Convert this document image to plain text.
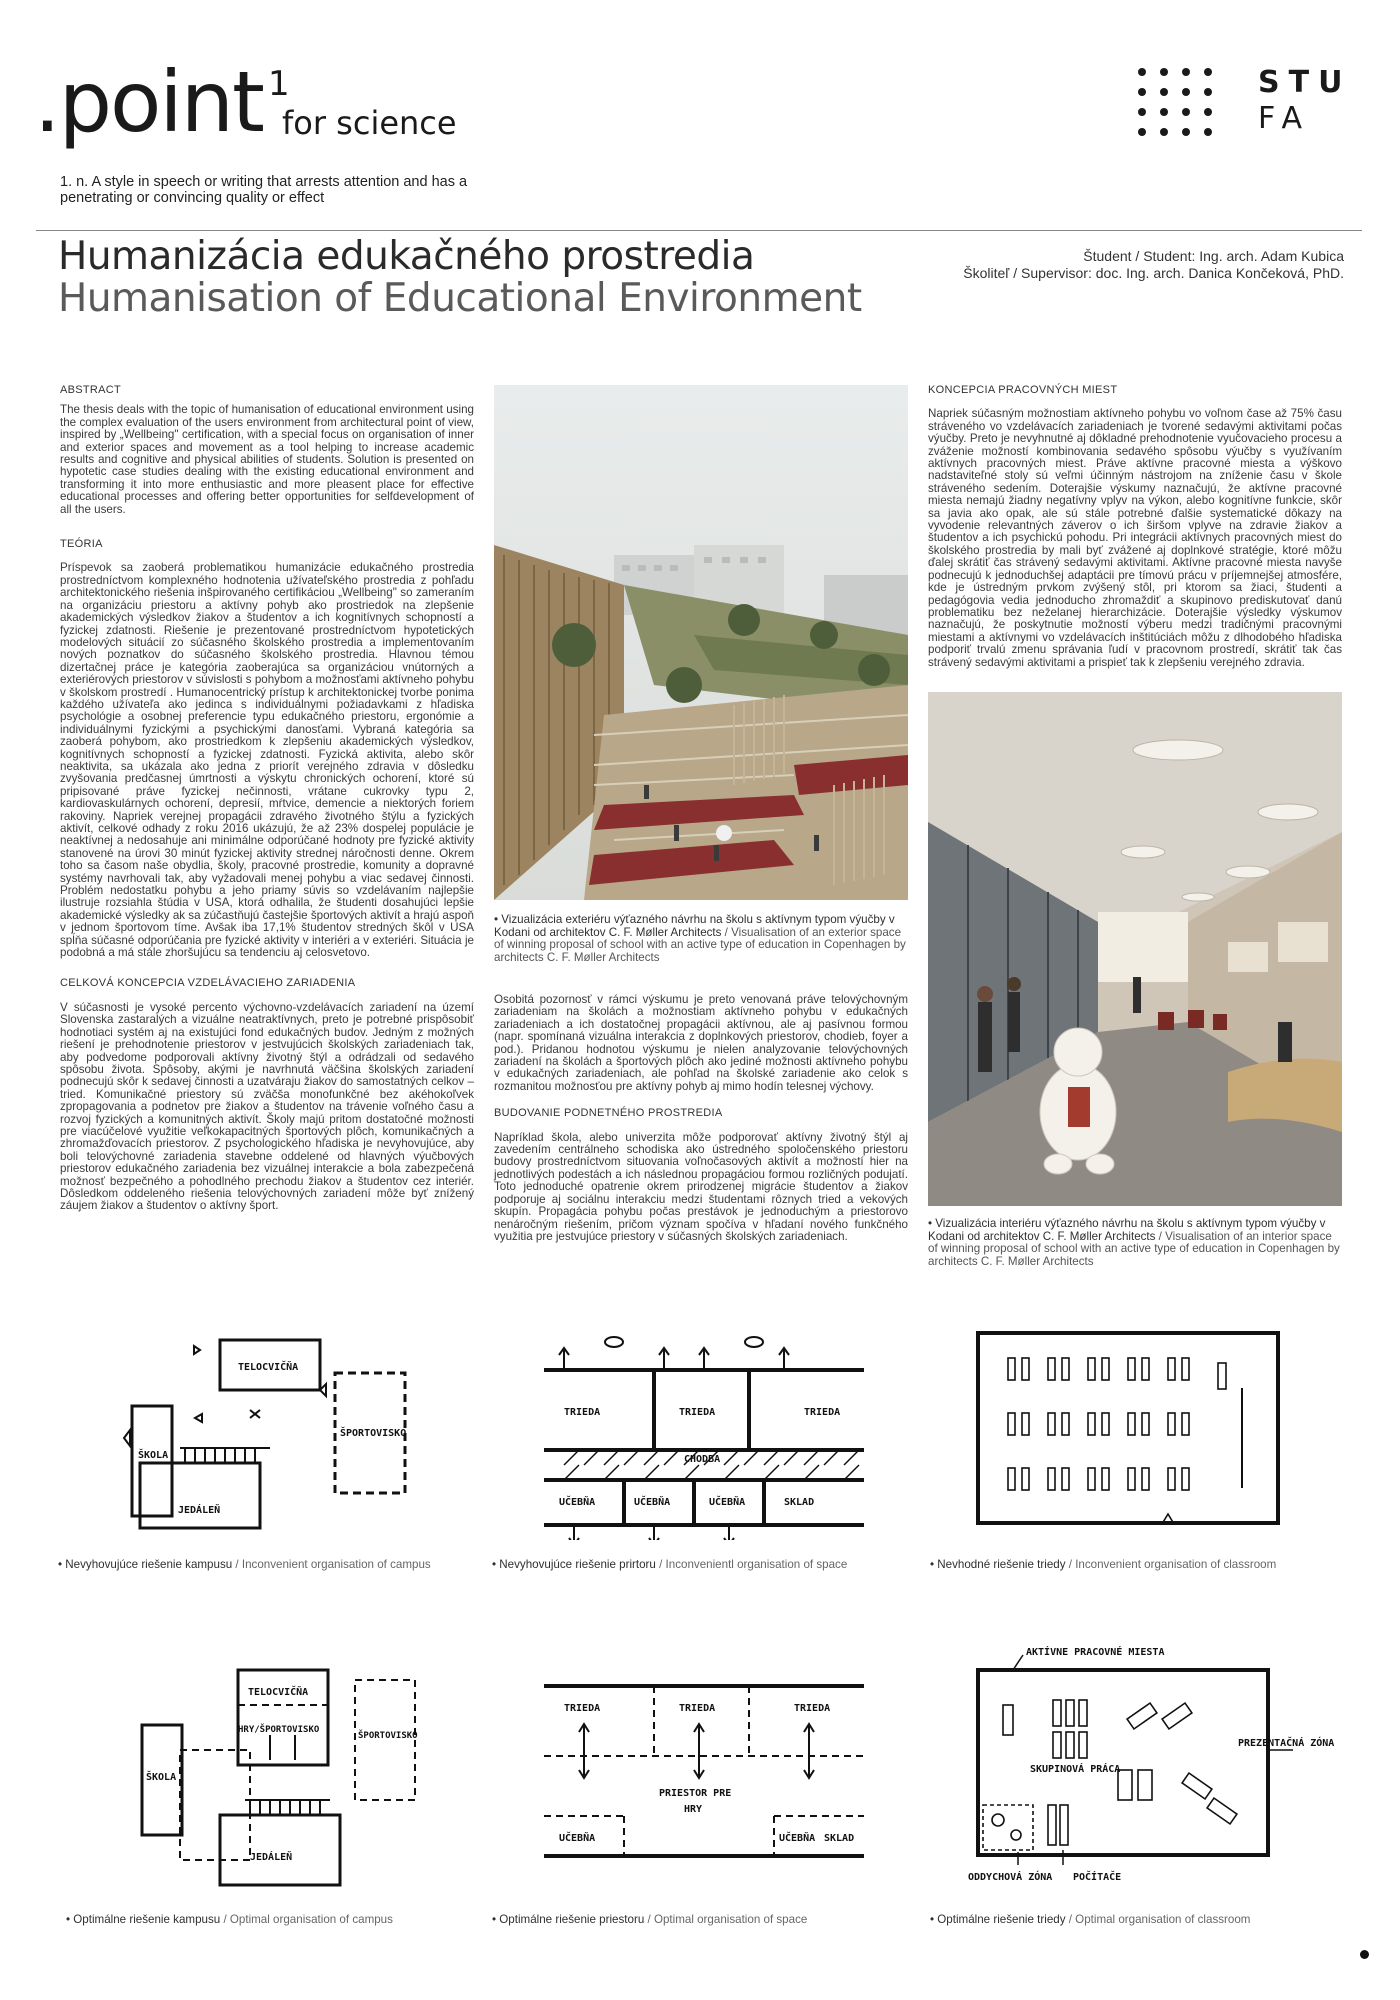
.point 1
for science
1. n. A style in speech or writing that arrests attention and has a penetrating or convincing quality or effect
STU
FA
Humanizácia edukačného prostredia
Humanisation of Educational Environment
Študent / Student: Ing. arch. Adam Kubica
Školiteľ / Supervisor: doc. Ing. arch. Danica Končeková, PhD.
ABSTRACT

The thesis deals with the topic of humanisation of educational environment using the complex evaluation of the users environment from architectural point of view, inspired by „Wellbeing" certification, with a special focus on organisation of inner and exterior spaces and movement as a tool helping to increase academic results and cognitive and physical abilities of students. Solution is presented on hypotetic case studies dealing with the existing educational environment and transforming it into more enthusiastic and more pleasent place for effective educational processes and offering better opportunities for selfdevelopment of all the users.

TEÓRIA

Príspevok sa zaoberá problematikou humanizácie edukačného prostredia prostredníctvom komplexného hodnotenia užívateľského prostredia z pohľadu architektonického riešenia inšpirovaného certifikáciou „Wellbeing" so zameraním na organizáciu priestoru a aktívny pohyb ako prostriedok na zlepšenie akademických výsledkov žiakov a študentov a ich kognitívnych schopností a fyzickej zdatnosti. Riešenie je prezentované prostredníctvom hypotetických modelových situácií zo súčasného školského prostredia a implementovaním nových poznatkov do súčasného školského prostredia. Hlavnou témou dizertačnej práce je kategória zaoberajúca sa organizáciou vnútorných a exteriérových priestorov v súvislosti s pohybom a možnosťami aktívneho pohybu v školskom prostredí . Humanocentrický prístup k architektonickej tvorbe ponima každého užívateľa ako jedinca s individuálnymi požiadavkami z hľadiska psychológie a osobnej preferencie typu edukačného priestoru, ergonómie a individuálnymi fyzickými a psychickými danosťami. Vybraná kategória sa zaoberá pohybom, ako prostriedkom k zlepšeniu akademických výsledkov, kognitívnych schopností a fyzickej zdatnosti. Fyzická aktivita, alebo skôr neaktivita, sa ukázala ako jedna z priorít verejného zdravia v dôsledku zvyšovania predčasnej úmrtnosti a výskytu chronických ochorení, ktoré sú pripisované práve fyzickej nečinnosti, vrátane cukrovky typu 2, kardiovaskulárnych ochorení, depresií, mŕtvice, demencie a niektorých foriem rakoviny. Napriek verejnej propagácii zdravého životného štýlu a fyzických aktivít, celkové odhady z roku 2016 ukázujú, že až 23% dospelej populácie je neaktívnej a nedosahuje ani minimálne odporúčané hodnoty pre fyzické aktivity stanovené na úrovi 30 minút fyzickej aktivity strednej náročnosti denne. Okrem toho sa časom naše obydlia, školy, pracovné prostredie, komunity a dopravné systémy navrhovali tak, aby vyžadovali menej pohybu a viac sedavej činnosti. Problém nedostatku pohybu a jeho priamy súvis so vzdelávaním najlepšie ilustruje rozsiahla štúdia v USA, ktorá odhalila, že študenti dosahujúci lepšie akademické výsledky ak sa zúčastňujú častejšie športových aktivít a hrajú aspoň v jednom športovom tíme. Avšak iba 17,1% študentov stredných škôl v USA spĺňa súčasné odporúčania pre fyzické aktivity v interiéri a v exteriéri. Situácia je podobná a má stále zhoršujúcu sa tendenciu aj celosvetovo.

CELKOVÁ KONCEPCIA VZDELÁVACIEHO ZARIADENIA

V súčasnosti je vysoké percento výchovno-vzdelávacích zariadení na území Slovenska zastaralých a vizuálne neatraktívnych, preto je potrebné prispôsobiť hodnotiaci systém aj na existujúci fond edukačných budov. Jedným z možných riešení je prehodnotenie priestorov v jestvujúcich školských zariadeniach tak, aby podvedome podporovali aktívny životný štýl a odrádzali od sedavého spôsobu života. Spôsoby, akými je navrhnutá väčšina školských zariadení podnecujú skôr k sedavej činnosti a uzatváraju žiakov do samostatných celkov – tried. Komunikačné priestory sú zväčša monofunkčné bez akéhokoľvek zpropagovania a podnetov pre žiakov a študentov na trávenie voľného času a rozvoj fyzických a komunitných aktivít. Školy majú pritom dostatočné možnosti pre viacúčelové využitie veľkokapacitných športových plôch, komunikačných a zhromažďovacích priestorov. Z psychologického hľadiska je nevyhovujúce, aby boli telovýchovné zariadenia stavebne oddelené od hlavných výučbových priestorov edukačného zariadenia bez vizuálnej interakcie a bola zabezpečená možnosť bezpečného a pohodlného prechodu žiakov a študentov cez interiér. Dôsledkom oddeleného riešenia telovýchovných zariadení môže byť znížený záujem žiakov a študentov o aktívny šport.

• Vizualizácia exteriéru výťazného návrhu na školu s aktívnym typom výučby v Kodani od architektov C. F. Møller Architects / Visualisation of an exterior space of winning proposal of school with an active type of education in Copenhagen by architects C. F. Møller Architects

Osobitá pozornosť v rámci výskumu je preto venovaná práve telovýchovným zariadeniam na školách a možnostiam aktívneho pohybu v edukačných zariadeniach a ich dostatočnej propagácii aktívnou, ale aj pasívnou formou (napr. spomínaná vizuálna interakcia z doplnkových priestorov, chodieb, foyer a pod.). Pridanou hodnotou výskumu je nielen analyzovanie telovýchovných zariadení na školách a športových plôch ako jediné možnosti aktívneho pohybu v edukačných zariadeniach, ale pohľad na školské zariadenie ako celok s rozmanitou možnosťou pre aktívny pohyb aj mimo hodín telesnej výchovy.

BUDOVANIE PODNETNÉHO PROSTREDIA

Napríklad škola, alebo univerzita môže podporovať aktívny životný štýl aj zavedením centrálneho schodiska ako ústredného spoločenského priestoru budovy prostredníctvom situovania voľnočasových aktivít a možností hier na jednotlivých podestách a ich následnou propagáciou formou rozličných podujatí. Toto jednoduché opatrenie okrem prirodzenej migrácie študentov a žiakov podporuje aj sociálnu interakciu medzi študentami rôznych tried a vekových skupín. Propagácia pohybu počas prestávok je jednoduchým a priestorovo nenáročným riešením, pričom význam spočíva v hľadaní nového funkčného využitia pre jestvujúce priestory v súčasných školských zariadeniach.

KONCEPCIA PRACOVNÝCH MIEST

Napriek súčasným možnostiam aktívneho pohybu vo voľnom čase až 75% času stráveného vo vzdelávacích zariadeniach je tvorené sedavými aktivitami počas výučby. Preto je nevyhnutné aj dôkladné prehodnotenie vyučovacieho procesu a zváženie možností kombinovania sedavého spôsobu výučby s využívaním aktívnych pracovných miest. Práve aktívne pracovné miesta a výškovo nadstaviteľné stoly sú veľmi účinným nástrojom na zníženie času v škole stráveného sedením. Doterajšie výskumy naznačujú, že aktívne pracovné miesta nemajú žiadny negatívny vplyv na výkon, alebo kognitívne funkcie, skôr sa javia ako opak, ale sú stále potrebné ďalšie systematické dôkazy na vyvodenie relevantných záverov o ich širšom vplyve na zdravie žiakov a študentov a ich psychickú pohodu. Pri integrácii aktívnych pracovných miest do školského prostredia by mali byť zvážené aj doplnkové stratégie, ktoré môžu ďalej skrátiť čas strávený sedavými aktivitami. Aktívne pracovné miesta navyše podnecujú k jednoduchšej adaptácii pre tímovú prácu v príjemnejšej atmosfére, kde je ústredným prvkom zvýšený stôl, pri ktorom sa žiaci, študenti a pedagógovia vedia jednoducho zhromaždiť a skupinovo prediskutovať danú problematiku bez neželanej hierarchizácie. Doterajšie výsledky výskumov naznačujú, že poskytnutie možností výberu medzi tradičnými pracovnými miestami a aktívnymi vo vzdelávacích inštitúciách môžu z dlhodobého hľadiska podporiť trvalú zmenu správania ľudí v pracovnom prostredí, skrátiť tak čas strávený sedavými aktivitami a prispieť tak k zlepšeniu verejného zdravia.

• Vizualizácia interiéru výťazného návrhu na školu s aktívnym typom výučby v Kodani od architektov C. F. Møller Architects / Visualisation of an interior space of winning proposal of school with an active type of education in Copenhagen by architects C. F. Møller Architects
TELOCVIČŇA
ŠKOLA
JEDÁLEŇ
ŠPORTOVISKO
• Nevyhovujúce riešenie kampusu / Inconvenient organisation of campus
TRIEDA	TRIEDA	TRIEDA
CHODBA
UČEBŇA	UČEBŇA	UČEBŇA	SKLAD
• Nevyhovujúce riešenie prirtoru / Inconvenientl organisation of space	• Nevhodné riešenie triedy / Inconvenient organisation of classroom
TELOCVIČŇA
HRY/ŠPORTOVISKO
ŠPORTOVISKO
ŠKOLA
JEDÁLEŇ
• Optimálne riešenie kampusu / Optimal organisation of campus
TRIEDA	TRIEDA	TRIEDA
PRIESTOR PRE
HRY
UČEBŇA	UČEBŇA SKLAD
• Optimálne riešenie priestoru / Optimal organisation of space
AKTÍVNE PRACOVNÉ MIESTA
SKUPINOVÁ PRÁCA
PREZENTAČNÁ ZÓNA
ODDYCHOVÁ ZÓNA POČÍTAČE
• Optimálne riešenie triedy / Optimal organisation of classroom
